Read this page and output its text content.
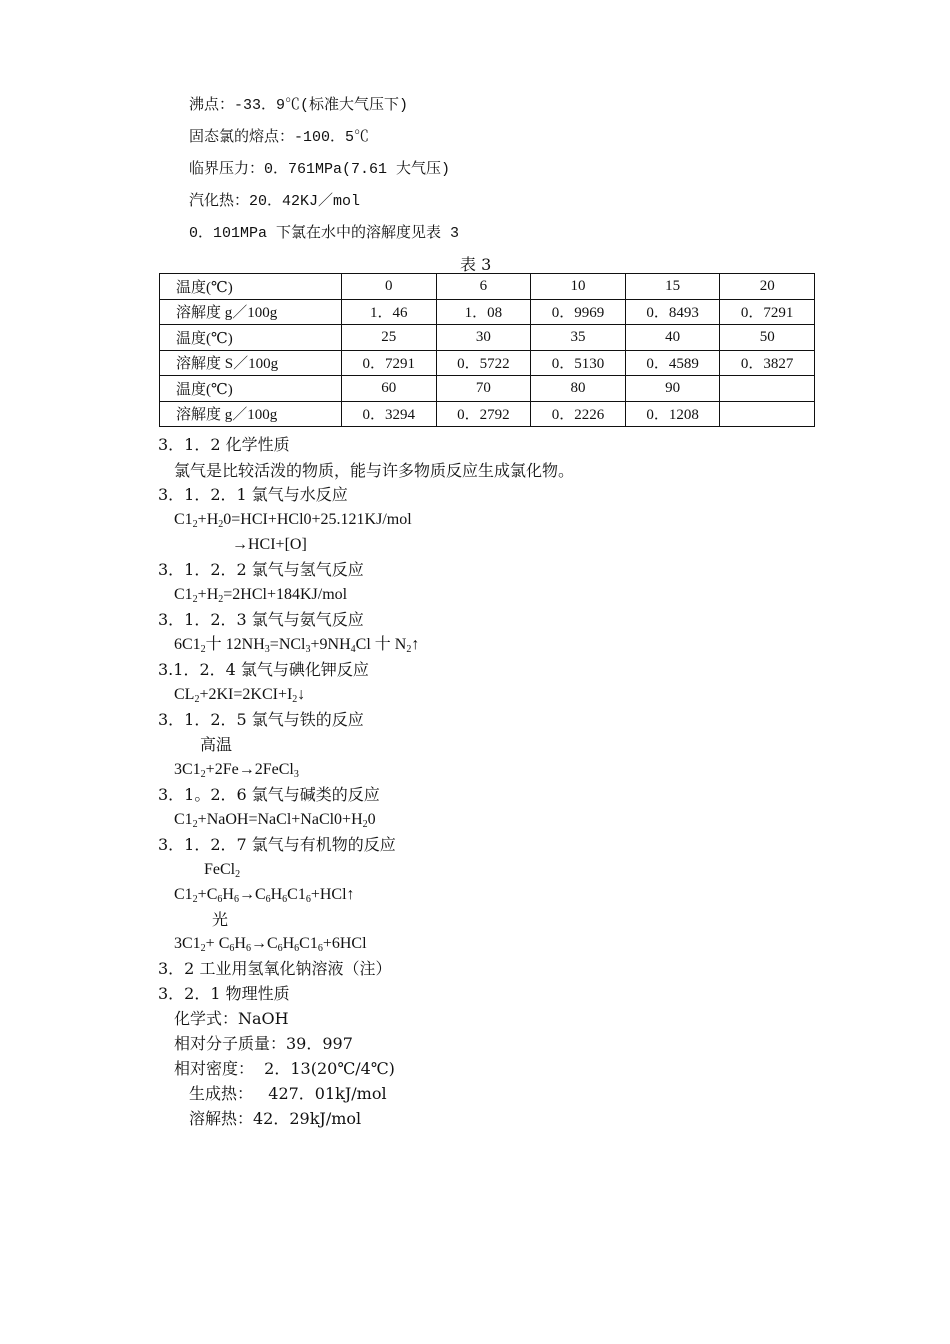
沸点：-33．9℃(标准大气压下)
固态氯的熔点：-100．5℃
临界压力：0．761MPa(7.61 大气压)
汽化热：20．42KJ／mol
0．101MPa 下氯在水中的溶解度见表 3
表 3
温度(℃)	0	6	10	15	20
溶解度 g／100g	1．46	1．08	0．9969	0．8493	0．7291
温度(℃)	25	30	35	40	50
溶解度 S／100g	0．7291	0．5722	0．5130	0．4589	0．3827
温度(℃)	60	70	80	90	
溶解度 g／100g	0．3294	0．2792	0．2226	0．1208	
3．1．2 化学性质
氯气是比较活泼的物质，能与许多物质反应生成氯化物。
3．1．2．1 氯气与水反应
$C1_2+H_20=HCI+HCl0+25.121KJ$/mol
→HCI+[O]
3．1．2．2 氯气与氢气反应
$C1_2+H_2=2HCl+184KJ$/mol
3．1．2．3 氯气与氨气反应
$6C1_2$十 $12NH_3=NCl_3+9NH_4Cl$ 十 $N_2↑$
3.1．2．4 氯气与碘化钾反应
$CL_2+2KI=2KCI+I_2↓$
3．1．2．5 氯气与铁的反应
高温
$3C1_2+2Fe\to 2FeCl_3$
3．1。2．6 氯气与碱类的反应
$C1_2+NaOH=NaCl+NaCl0+H_20$
3．1．2．7 氯气与有机物的反应
FeCl$_2$
$C1_2+C_6H_6\to C_6H_6C1_6+HCl↑$
光
$3C1_2+ C_6H_6\to C_6H_6C1_6+6HCl$
3．2 工业用氢氧化钠溶液（注）
3．2．1 物理性质
化学式：NaOH
相对分子质量：39．997
相对密度：  2．13(20℃/4℃)
生成热：   427．01kJ/mol
溶解热：42．29kJ/mol
